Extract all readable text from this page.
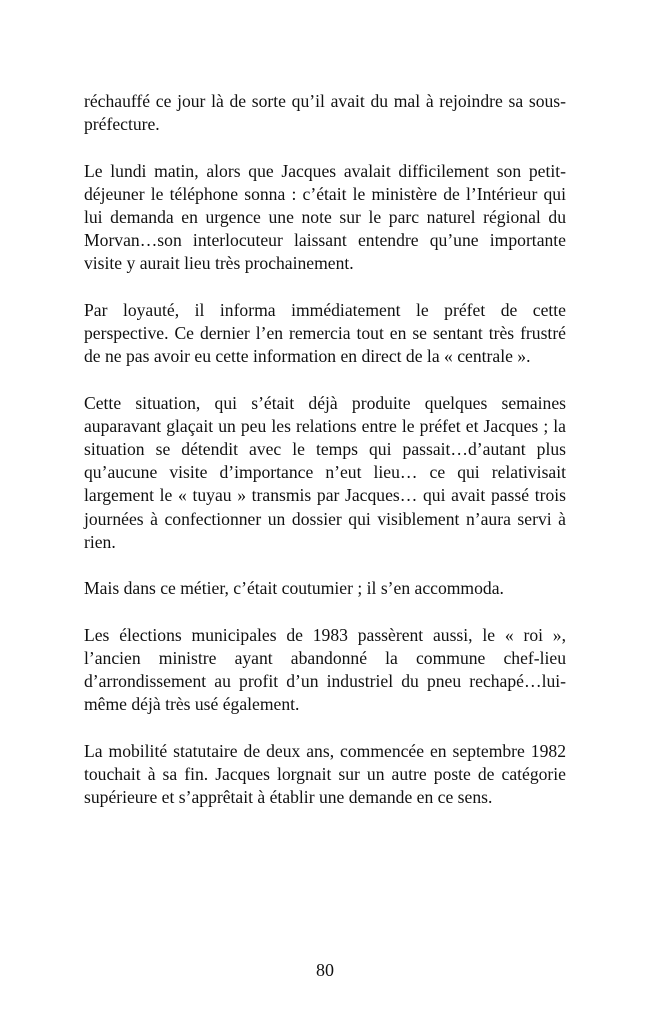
réchauffé ce jour là de sorte qu’il avait du mal à rejoindre sa sous-préfecture.

Le lundi matin, alors que Jacques avalait difficilement son petit-déjeuner le téléphone sonna : c’était le ministère de l’Intérieur qui lui demanda en urgence une note sur le parc naturel régional du Morvan…son interlocuteur laissant entendre qu’une importante visite y aurait lieu très prochainement.

Par loyauté, il informa immédiatement le préfet de cette perspective. Ce dernier l’en remercia tout en se sentant très frustré de ne pas avoir eu cette information en direct de la « centrale ».

Cette situation, qui s’était déjà produite quelques semaines auparavant glaçait un peu les relations entre le préfet et Jacques ; la situation se détendit avec le temps qui passait…d’autant plus qu’aucune visite d’importance n’eut lieu… ce qui relativisait largement le « tuyau » transmis par Jacques… qui avait passé trois journées à confectionner un dossier qui visiblement n’aura servi à rien.

Mais dans ce métier, c’était coutumier ; il s’en accommoda.

Les élections municipales de 1983 passèrent aussi, le « roi », l’ancien ministre ayant abandonné la commune chef-lieu d’arrondissement au profit d’un industriel du pneu rechapé…lui-même déjà très usé également.

La mobilité statutaire de deux ans, commencée en septembre 1982 touchait à sa fin. Jacques lorgnait sur un autre poste de catégorie supérieure et s’apprêtait à établir une demande en ce sens.

80
